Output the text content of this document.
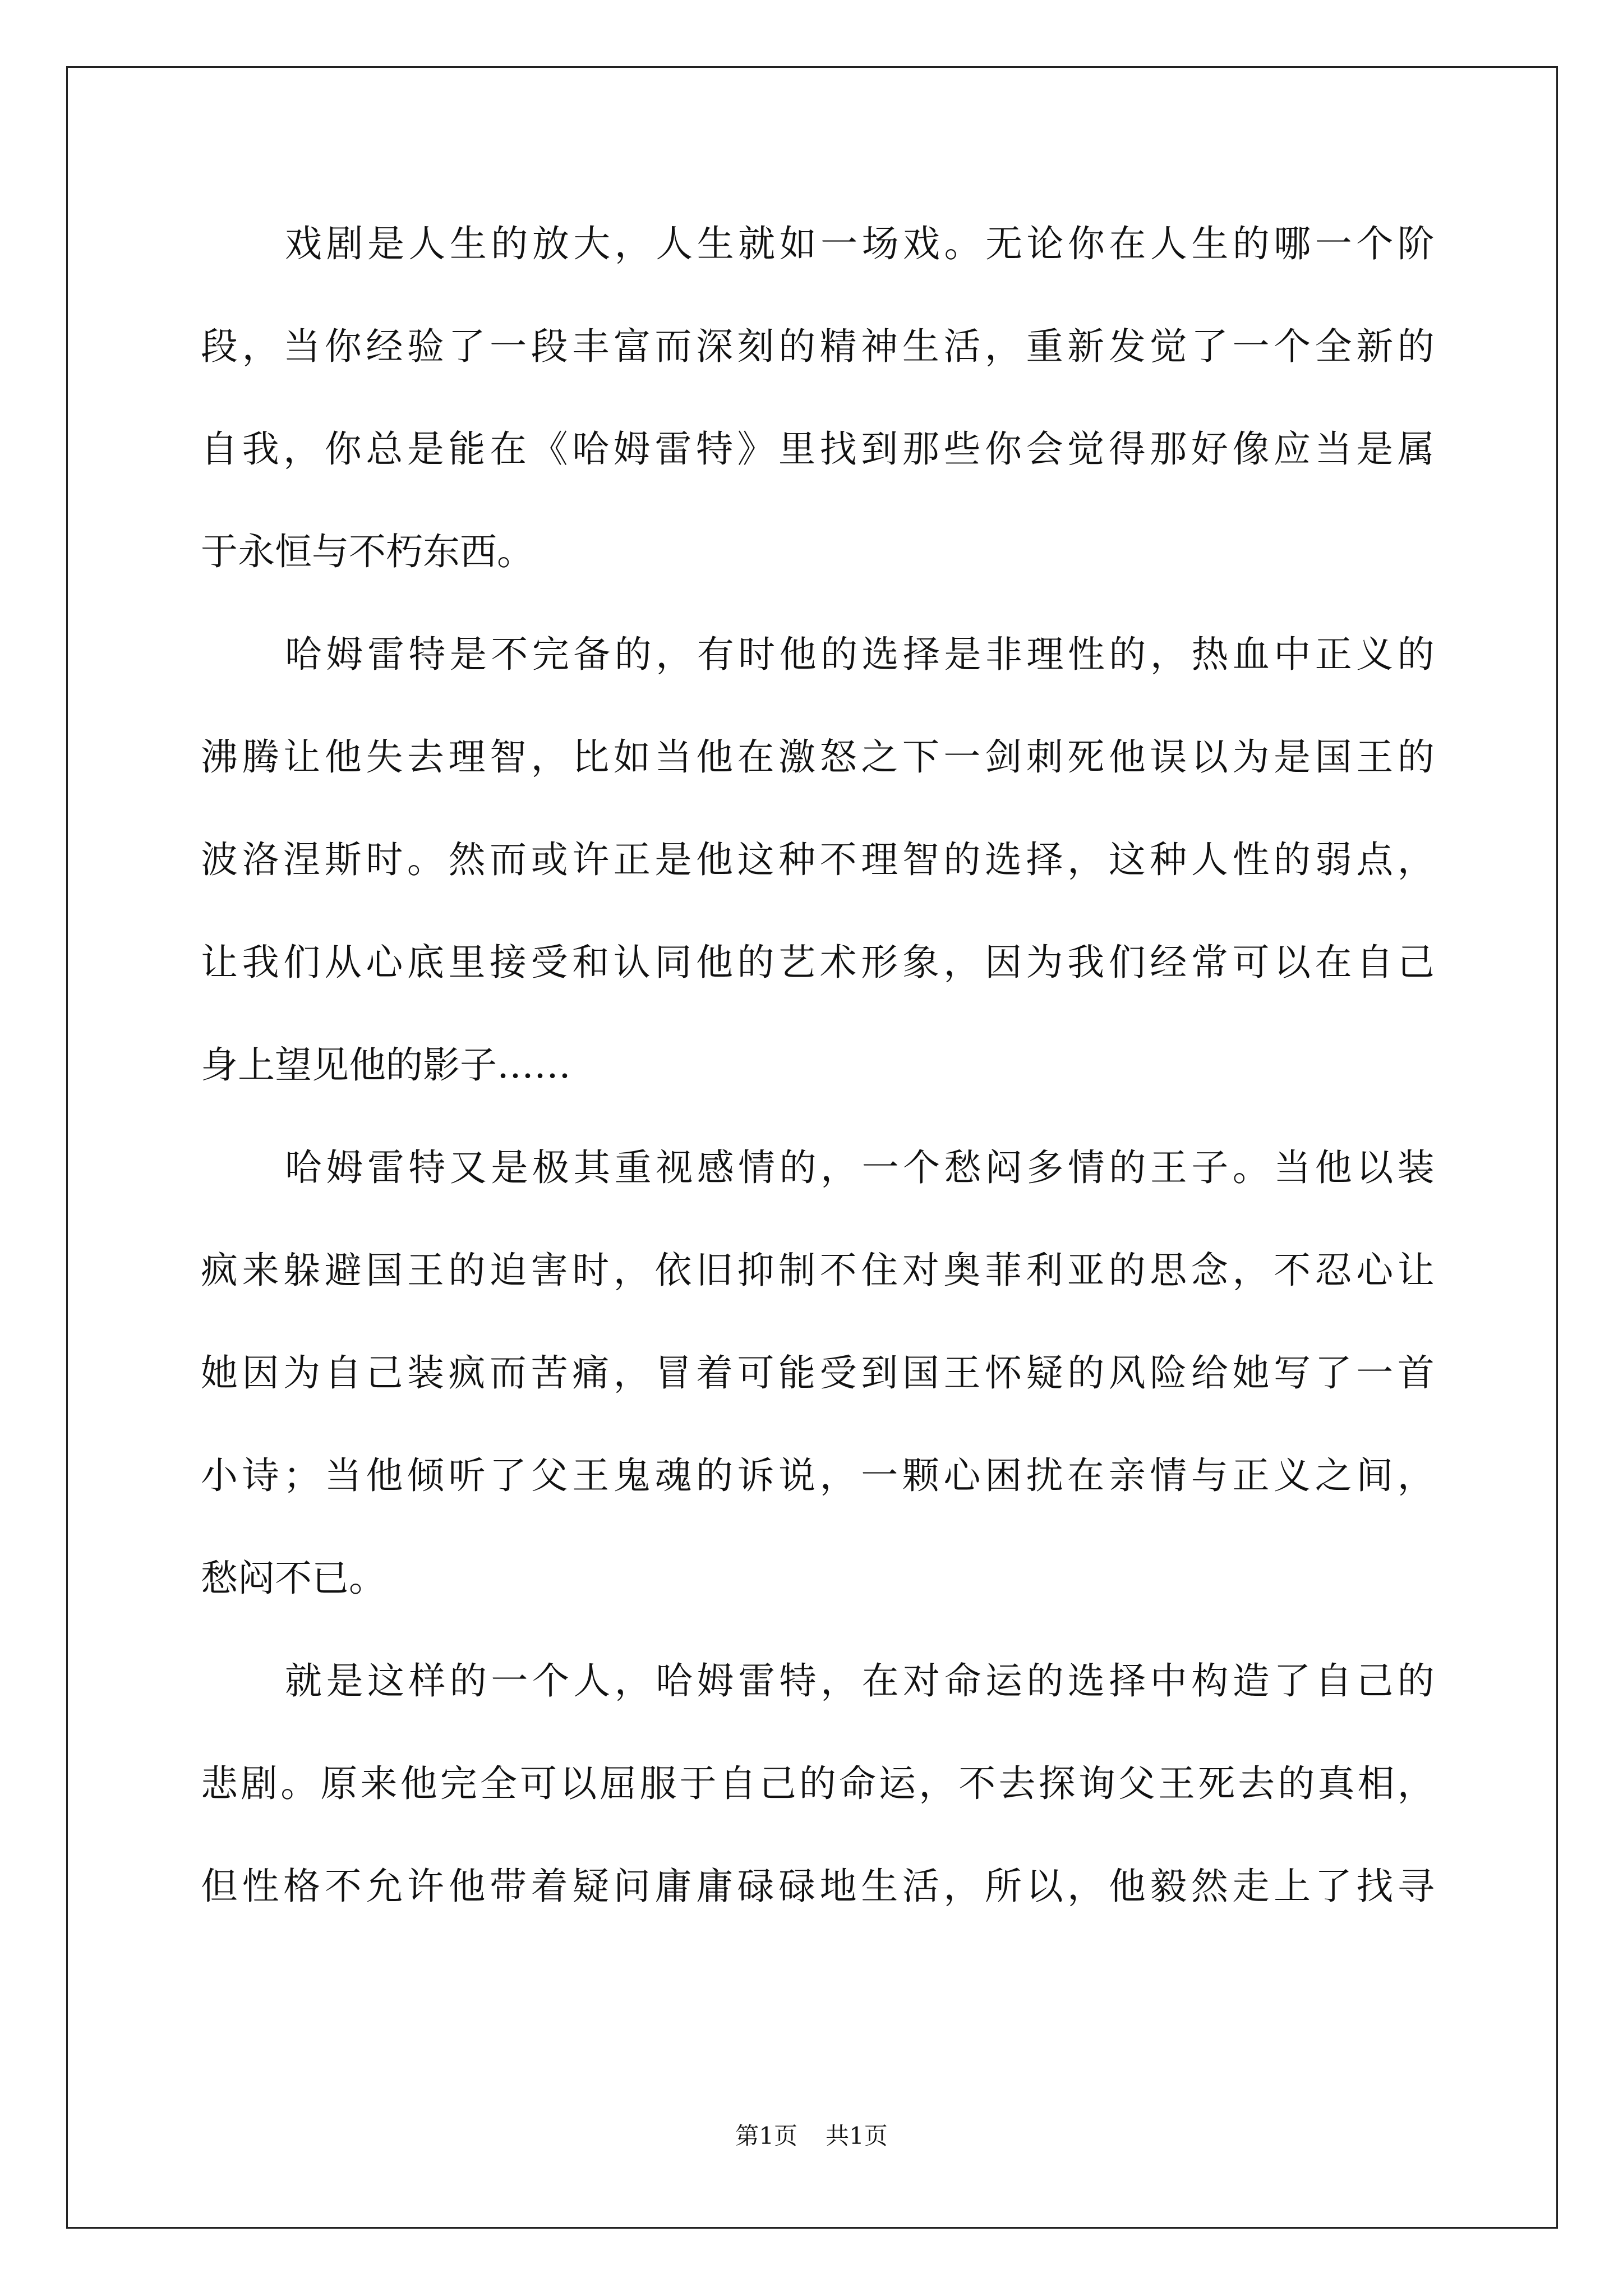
戏 剧 是 人 生 的 放 大 ， 人 生 就 如 一 场 戏 。 无 论 你 在 人 生 的 哪 一 个 阶
段 ， 当 你 经 验 了 一 段 丰 富 而 深 刻 的 精 神 生 活 ， 重 新 发 觉 了 一 个 全 新 的
自 我 ， 你 总 是 能 在 《 哈 姆 雷 特 》 里 找 到 那 些 你 会 觉 得 那 好 像 应 当 是 属
于永恒与不朽东西。
哈 姆 雷 特 是 不 完 备 的 ， 有 时 他 的 选 择 是 非 理 性 的 ， 热 血 中 正 义 的
沸 腾 让 他 失 去 理 智 ， 比 如 当 他 在 激 怒 之 下 一 剑 刺 死 他 误 以 为 是 国 王 的
波 洛 涅 斯 时 。 然 而 或 许 正 是 他 这 种 不 理 智 的 选 择 ， 这 种 人 性 的 弱 点 ，
让 我 们 从 心 底 里 接 受 和 认 同 他 的 艺 术 形 象 ， 因 为 我 们 经 常 可 以 在 自 己
身上望见他的影子……
哈 姆 雷 特 又 是 极 其 重 视 感 情 的 ， 一 个 愁 闷 多 情 的 王 子 。 当 他 以 装
疯 来 躲 避 国 王 的 迫 害 时 ， 依 旧 抑 制 不 住 对 奥 菲 利 亚 的 思 念 ， 不 忍 心 让
她 因 为 自 己 装 疯 而 苦 痛 ， 冒 着 可 能 受 到 国 王 怀 疑 的 风 险 给 她 写 了 一 首
小 诗 ； 当 他 倾 听 了 父 王 鬼 魂 的 诉 说 ， 一 颗 心 困 扰 在 亲 情 与 正 义 之 间 ，
愁闷不已。
就 是 这 样 的 一 个 人 ， 哈 姆 雷 特 ， 在 对 命 运 的 选 择 中 构 造 了 自 己 的
悲 剧 。 原 来 他 完 全 可 以 屈 服 于 自 己 的 命 运 ， 不 去 探 询 父 王 死 去 的 真 相 ，
但 性 格 不 允 许 他 带 着 疑 问 庸 庸 碌 碌 地 生 活 ， 所 以 ， 他 毅 然 走 上 了 找 寻
第1页 共1页
